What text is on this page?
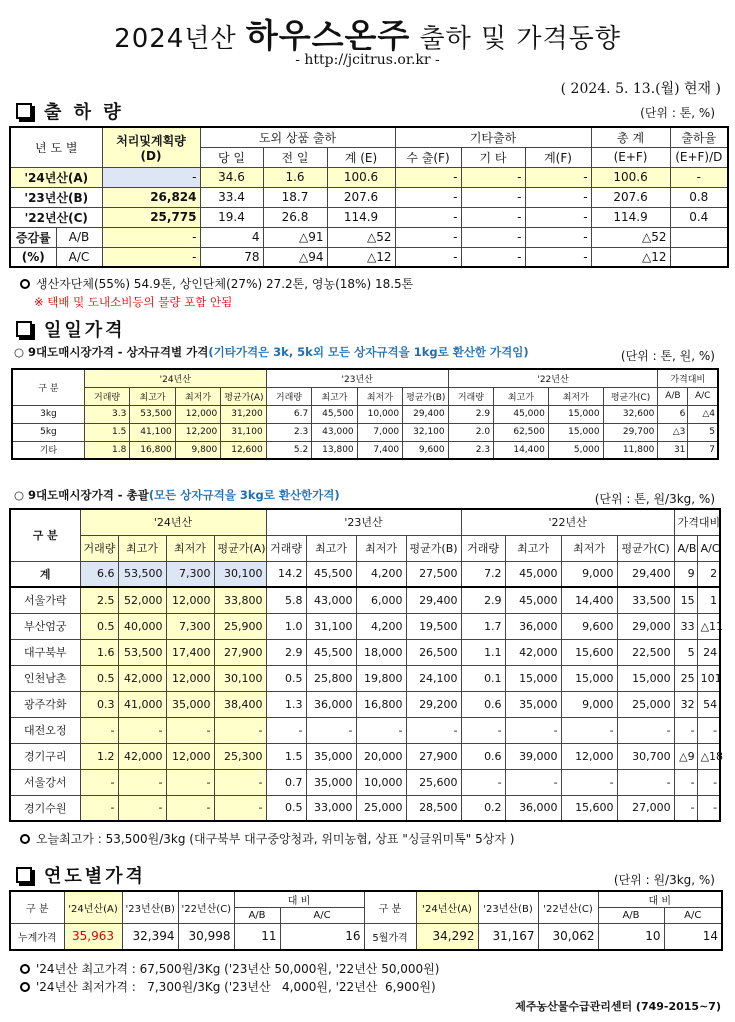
2024년산 하우스온주 출하 및 가격동향
- http://jcitrus.or.kr -
( 2024. 5. 13.(월) 현재 )
출 하 량	(단위 : 톤, %)
년 도 별		처리및계획량
(D)	도외 상품 출하			기타출하			총 계	출하율
			당 일	전 일	계 (E)	수 출(F)	기 타	계(F)	(E+F)	(E+F)/D
'24년산(A)		-	34.6	1.6	100.6	-	-	-	100.6	-
'23년산(B)		26,824	33.4	18.7	207.6	-	-	-	207.6	0.8
'22년산(C)		25,775	19.4	26.8	114.9	-	-	-	114.9	0.4
증감률	A/B	-	4	△91	△52	-	-	-	△52	
(%)	A/C	-	78	△94	△12	-	-	-	△12	
생산자단체(55%) 54.9톤, 상인단체(27%) 27.2톤, 영농(18%) 18.5톤
※ 택배 및 도내소비등의 물량 포함 안됨
일일가격
○ 9대도매시장가격 - 상자규격별 가격(기타가격은 3k, 5k외 모든 상자규격을 1kg로 환산한 가격임)	(단위 : 톤, 원, %)
구 분	'24년산				'23년산				'22년산				가격대비	
	거래량	최고가	최저가	평균가(A)	거래량	최고가	최저가	평균가(B)	거래량	최고가	최저가	평균가(C)	A/B	A/C
3kg	3.3	53,500	12,000	31,200	6.7	45,500	10,000	29,400	2.9	45,000	15,000	32,600	6	△4
5kg	1.5	41,100	12,200	31,100	2.3	43,000	7,000	32,100	2.0	62,500	15,000	29,700	△3	5
기타	1.8	16,800	9,800	12,600	5.2	13,800	7,400	9,600	2.3	14,400	5,000	11,800	31	7
○ 9대도매시장가격 - 총괄(모든 상자규격을 3kg로 환산한가격)	(단위 : 톤, 원/3kg, %)
구 분	'24년산				'23년산				'22년산				가격대비	
	거래량	최고가	최저가	평균가(A)	거래량	최고가	최저가	평균가(B)	거래량	최고가	최저가	평균가(C)	A/B	A/C
계	6.6	53,500	7,300	30,100	14.2	45,500	4,200	27,500	7.2	45,000	9,000	29,400	9	2
서울가락	2.5	52,000	12,000	33,800	5.8	43,000	6,000	29,400	2.9	45,000	14,400	33,500	15	1
부산엄궁	0.5	40,000	7,300	25,900	1.0	31,100	4,200	19,500	1.7	36,000	9,600	29,000	33	△11
대구북부	1.6	53,500	17,400	27,900	2.9	45,500	18,000	26,500	1.1	42,000	15,600	22,500	5	24
인천남촌	0.5	42,000	12,000	30,100	0.5	25,800	19,800	24,100	0.1	15,000	15,000	15,000	25	101
광주각화	0.3	41,000	35,000	38,400	1.3	36,000	16,800	29,200	0.6	35,000	9,000	25,000	32	54
대전오정	-	-	-	-	-	-	-	-	-	-	-	-	-	-
경기구리	1.2	42,000	12,000	25,300	1.5	35,000	20,000	27,900	0.6	39,000	12,000	30,700	△9	△18
서울강서	-	-	-	-	0.7	35,000	10,000	25,600	-	-	-	-	-	-
경기수원	-	-	-	-	0.5	33,000	25,000	28,500	0.2	36,000	15,600	27,000	-	-
오늘최고가 : 53,500원/3kg (대구북부 대구중앙청과, 위미농협, 상표 "싱글위미톡" 5상자 )
연도별가격	(단위 : 원/3kg, %)
구 분	'24년산(A)	'23년산(B)	'22년산(C)	대 비		구 분	'24년산(A)	'23년산(B)	'22년산(C)	대 비	
				A/B	A/C					A/B	A/C
누계가격	35,963	32,394	30,998	11	16	5월가격	34,292	31,167	30,062	10	14
'24년산 최고가격 : 67,500원/3Kg ('23년산 50,000원, '22년산 50,000원)
'24년산 최저가격 :   7,300원/3Kg ('23년산   4,000원, '22년산  6,900원)
제주농산물수급관리센터 (749-2015~7)
